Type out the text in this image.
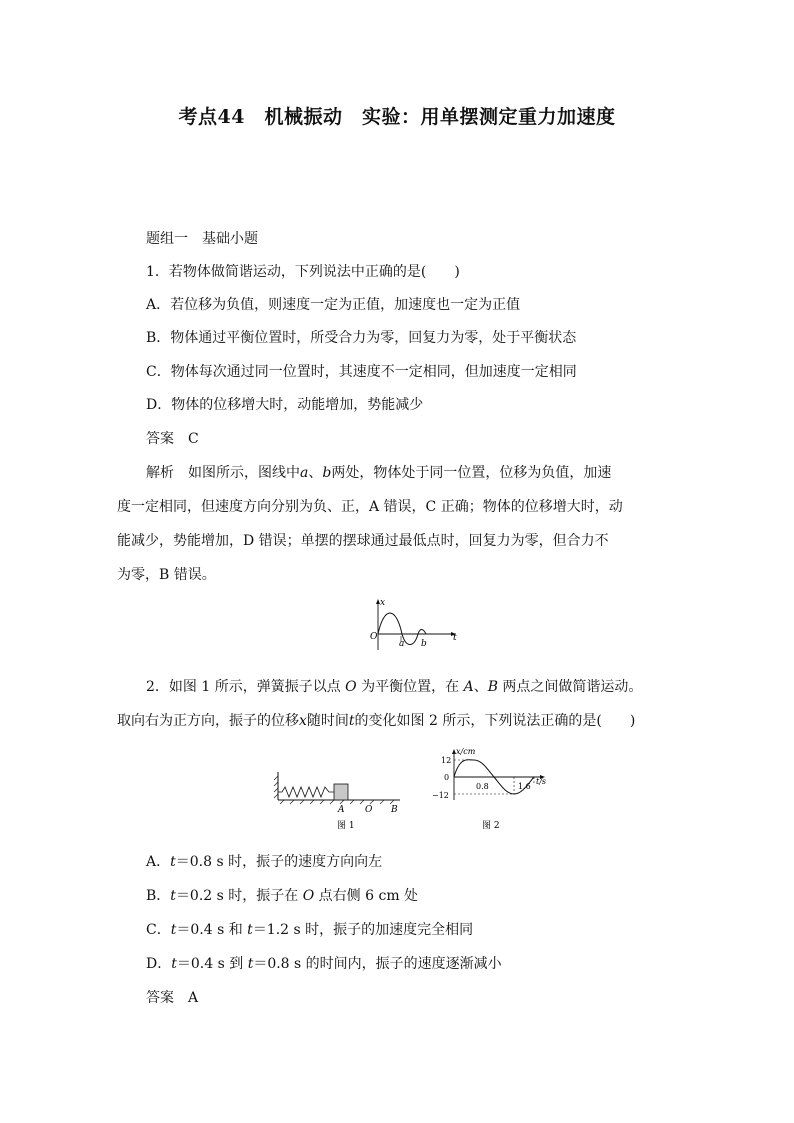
考点44　机械振动　实验：用单摆测定重力加速度
题组一　基础小题
1．若物体做简谐运动，下列说法中正确的是(　　)
A．若位移为负值，则速度一定为正值，加速度也一定为正值
B．物体通过平衡位置时，所受合力为零，回复力为零，处于平衡状态
C．物体每次通过同一位置时，其速度不一定相同，但加速度一定相同
D．物体的位移增大时，动能增加，势能减少
答案　 C
解析　 如图所示，图线中a、b两处，物体处于同一位置，位移为负值，加速
度一定相同，但速度方向分别为负、正，A 错误，C 正确；物体的位移增大时，动
能减少，势能增加，D 错误；单摆的摆球通过最低点时，回复力为零，但合力不
为零，B 错误。
x
t
O
a b
2．如图 1 所示，弹簧振子以点 O 为平衡位置，在 A、B 两点之间做简谐运动。
取向右为正方向，振子的位移x随时间t的变化如图 2 所示，下列说法正确的是(　　)
A O B
图 1
x/cm
t/s
12
0
−12
0.8	1.6
图 2
A．t＝0.8 s 时，振子的速度方向向左
B．t＝0.2 s 时，振子在 O 点右侧 6 cm 处
C．t＝0.4 s 和 t＝1.2 s 时，振子的加速度完全相同
D．t＝0.4 s 到 t＝0.8 s 的时间内，振子的速度逐渐减小
答案　 A
